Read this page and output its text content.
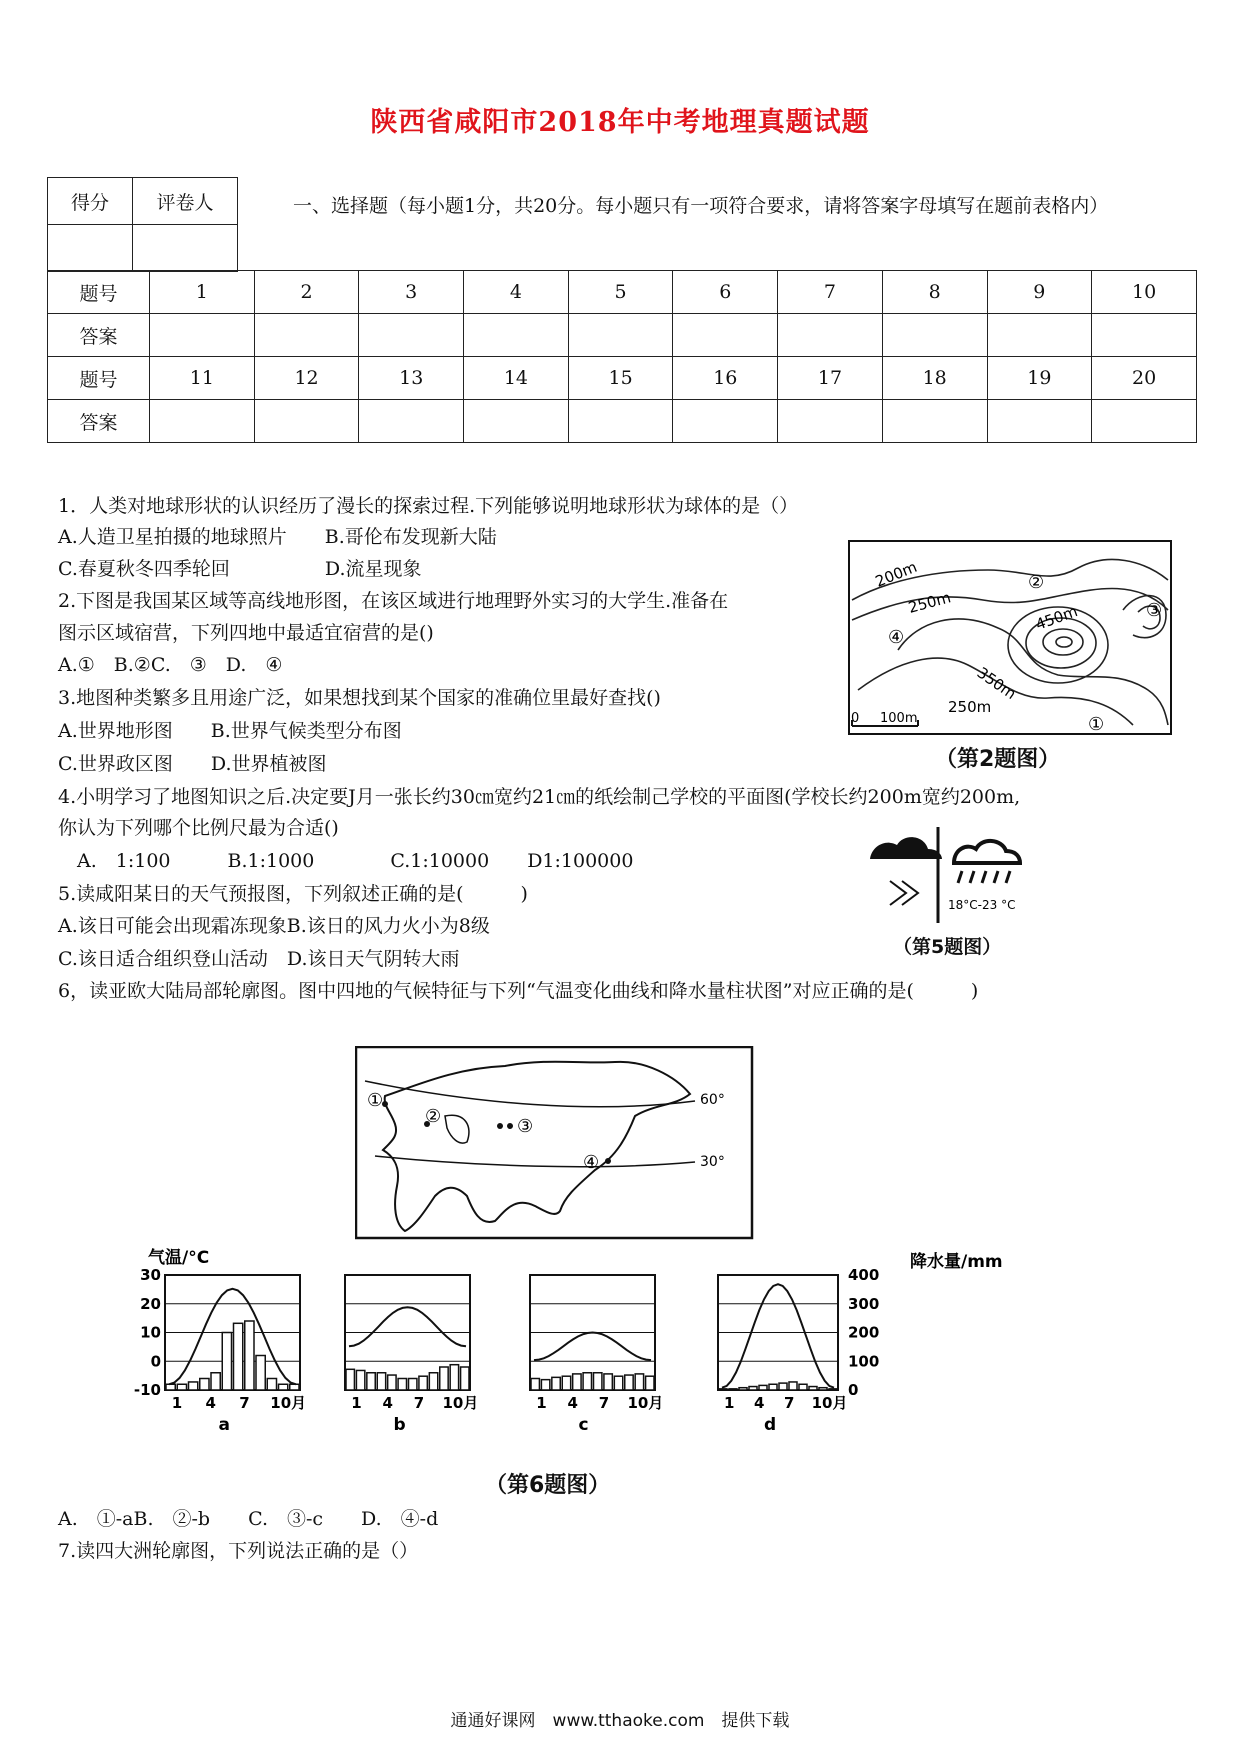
陕西省咸阳市2018年中考地理真题试题
得分	评卷人
		一、选择题（每小题1分，共20分。每小题只有一项符合要求，请将答案字母填写在题前表格内）
题号	1	2	3	4	5	6	7	8	9	10
答案										
题号	11	12	13	14	15	16	17	18	19	20
答案										
1．人类对地球形状的认识经历了漫长的探索过程.下列能够说明地球形状为球体的是（）
A.人造卫星拍摄的地球照片　　B.哥伦布发现新大陆
C.春夏秋冬四季轮回　　　　　D.流星现象
2.下图是我国某区域等高线地形图，在该区域进行地理野外实习的大学生.准备在
图示区域宿营，下列四地中最适宜宿营的是()
A.①　B.②C.　③　D.　④
3.地图种类繁多且用途广泛，如果想找到某个国家的准确位里最好查找()
A.世界地形图　　B.世界气候类型分布图
C.世界政区图　　D.世界植被图
4.小明学习了地图知识之后.决定要J月一张长约30㎝宽约21㎝的纸绘制己学校的平面图(学校长约200m宽约200m,
你认为下列哪个比例尺最为合适()
　A.　1:100　　　B.1:1000　　　　C.1:10000　　D1:100000
5.读咸阳某日的天气预报图，下列叙述正确的是(　　　)
A.该日可能会出现霜冻现象B.该日的风力火小为8级
C.该日适合组织登山活动　D.该日天气阴转大雨
6，读亚欧大陆局部轮廓图。图中四地的气候特征与下列“气温变化曲线和降水量柱状图”对应正确的是(　　　)
A.　①-aB.　②-b　　C.　③-c　　D.　④-d
7.读四大洲轮廓图，下列说法正确的是（）
200m
250m	450m
350m
250m
②
③
④
①
0 100m
（第2题图）
18°C-23 °C
（第5题图）
60°
30°
①
②	③
④
气温/°C	降水量/mm
1 4 7 10月
a
1 4 7 10月
b
1 4 7 10月
c
1 4 7 10月
d
30
20
10
0
-10
400
300
200
100
0
（第6题图）
通通好课网　www.tthaoke.com　提供下载
